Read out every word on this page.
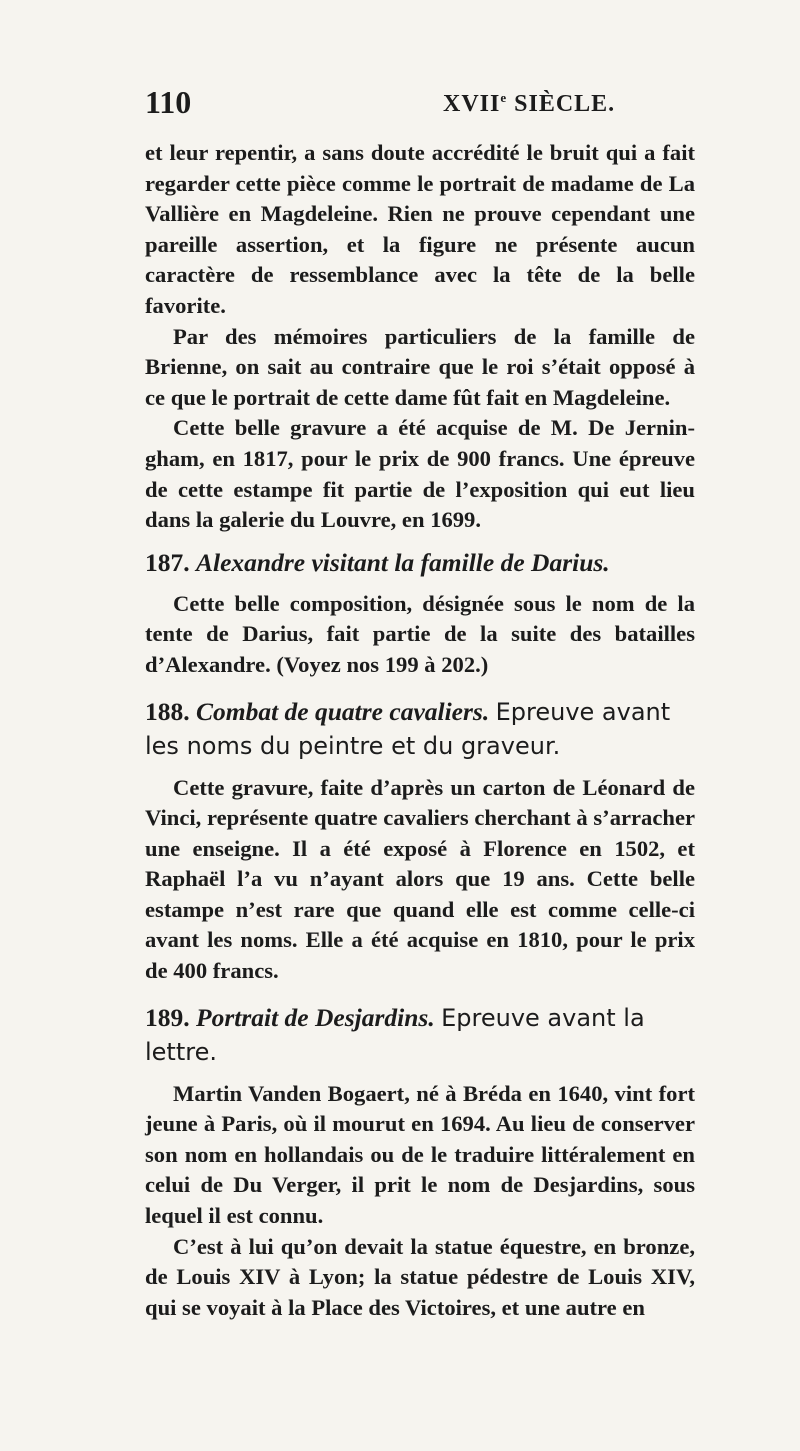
110	XVIIe SIÈCLE.

et leur repentir, a sans doute accrédité le bruit qui a fait regarder cette pièce comme le portrait de madame de La Vallière en Magdeleine. Rien ne prouve cependant une pareille assertion, et la figure ne présente aucun caractère de ressemblance avec la tête de la belle favorite.

Par des mémoires particuliers de la famille de Brienne, on sait au contraire que le roi s’était opposé à ce que le portrait de cette dame fût fait en Magdeleine.

Cette belle gravure a été acquise de M. De Jernin-gham, en 1817, pour le prix de 900 francs. Une épreuve de cette estampe fit partie de l’exposition qui eut lieu dans la galerie du Louvre, en 1699.

187. Alexandre visitant la famille de Darius.

Cette belle composition, désignée sous le nom de la tente de Darius, fait partie de la suite des batailles d’Alexandre. (Voyez nos 199 à 202.)

188. Combat de quatre cavaliers. Epreuve avant les noms du peintre et du graveur.

Cette gravure, faite d’après un carton de Léonard de Vinci, représente quatre cavaliers cherchant à s’arracher une enseigne. Il a été exposé à Florence en 1502, et Raphaël l’a vu n’ayant alors que 19 ans. Cette belle estampe n’est rare que quand elle est comme celle-ci avant les noms. Elle a été acquise en 1810, pour le prix de 400 francs.

189. Portrait de Desjardins. Epreuve avant la lettre.

Martin Vanden Bogaert, né à Bréda en 1640, vint fort jeune à Paris, où il mourut en 1694. Au lieu de conserver son nom en hollandais ou de le traduire littéralement en celui de Du Verger, il prit le nom de Desjardins, sous lequel il est connu.

C’est à lui qu’on devait la statue équestre, en bronze, de Louis XIV à Lyon; la statue pédestre de Louis XIV, qui se voyait à la Place des Victoires, et une autre en
